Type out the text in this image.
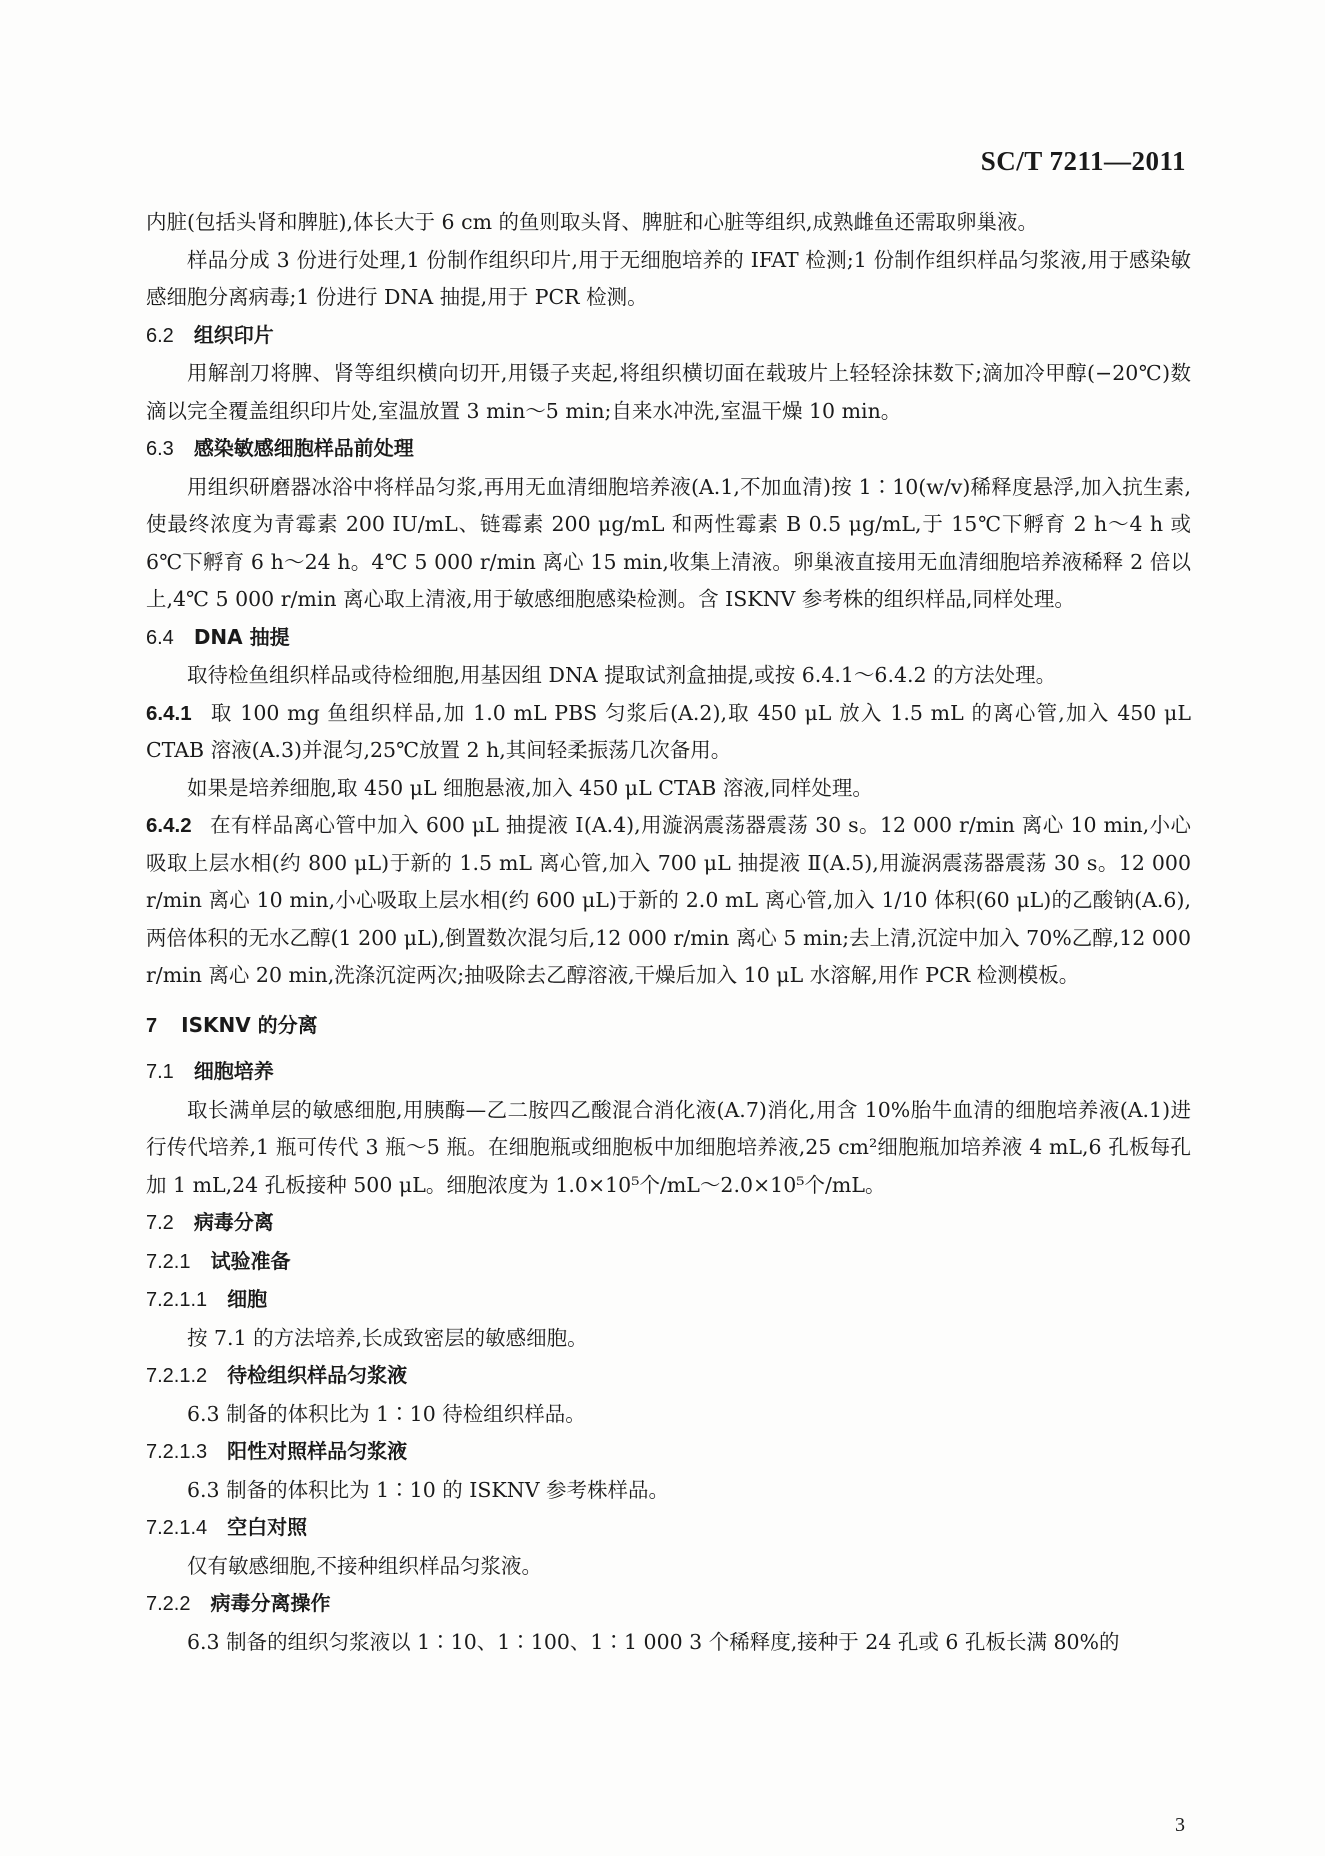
SC/T 7211—2011
内脏(包括头肾和脾脏),体长大于 6 cm 的鱼则取头肾、脾脏和心脏等组织,成熟雌鱼还需取卵巢液。
样品分成 3 份进行处理,1 份制作组织印片,用于无细胞培养的 IFAT 检测;1 份制作组织样品匀浆液,用于感染敏感细胞分离病毒;1 份进行 DNA 抽提,用于 PCR 检测。
6.2 组织印片
用解剖刀将脾、肾等组织横向切开,用镊子夹起,将组织横切面在载玻片上轻轻涂抹数下;滴加冷甲醇(−20℃)数滴以完全覆盖组织印片处,室温放置 3 min～5 min;自来水冲洗,室温干燥 10 min。
6.3 感染敏感细胞样品前处理
用组织研磨器冰浴中将样品匀浆,再用无血清细胞培养液(A.1,不加血清)按 1∶10(w/v)稀释度悬浮,加入抗生素,使最终浓度为青霉素 200 IU/mL、链霉素 200 μg/mL 和两性霉素 B 0.5 μg/mL,于 15℃下孵育 2 h～4 h 或 6℃下孵育 6 h～24 h。4℃ 5 000 r/min 离心 15 min,收集上清液。卵巢液直接用无血清细胞培养液稀释 2 倍以上,4℃ 5 000 r/min 离心取上清液,用于敏感细胞感染检测。含 ISKNV 参考株的组织样品,同样处理。
6.4 DNA 抽提
取待检鱼组织样品或待检细胞,用基因组 DNA 提取试剂盒抽提,或按 6.4.1～6.4.2 的方法处理。
6.4.1 取 100 mg 鱼组织样品,加 1.0 mL PBS 匀浆后(A.2),取 450 μL 放入 1.5 mL 的离心管,加入 450 μL CTAB 溶液(A.3)并混匀,25℃放置 2 h,其间轻柔振荡几次备用。
如果是培养细胞,取 450 μL 细胞悬液,加入 450 μL CTAB 溶液,同样处理。
6.4.2 在有样品离心管中加入 600 μL 抽提液 Ⅰ(A.4),用漩涡震荡器震荡 30 s。12 000 r/min 离心 10 min,小心吸取上层水相(约 800 μL)于新的 1.5 mL 离心管,加入 700 μL 抽提液 Ⅱ(A.5),用漩涡震荡器震荡 30 s。12 000 r/min 离心 10 min,小心吸取上层水相(约 600 μL)于新的 2.0 mL 离心管,加入 1/10 体积(60 μL)的乙酸钠(A.6),两倍体积的无水乙醇(1 200 μL),倒置数次混匀后,12 000 r/min 离心 5 min;去上清,沉淀中加入 70%乙醇,12 000 r/min 离心 20 min,洗涤沉淀两次;抽吸除去乙醇溶液,干燥后加入 10 μL 水溶解,用作 PCR 检测模板。
7 ISKNV 的分离
7.1 细胞培养
取长满单层的敏感细胞,用胰酶—乙二胺四乙酸混合消化液(A.7)消化,用含 10%胎牛血清的细胞培养液(A.1)进行传代培养,1 瓶可传代 3 瓶～5 瓶。在细胞瓶或细胞板中加细胞培养液,25 cm²细胞瓶加培养液 4 mL,6 孔板每孔加 1 mL,24 孔板接种 500 μL。细胞浓度为 1.0×10⁵个/mL～2.0×10⁵个/mL。
7.2 病毒分离
7.2.1 试验准备
7.2.1.1 细胞
按 7.1 的方法培养,长成致密层的敏感细胞。
7.2.1.2 待检组织样品匀浆液
6.3 制备的体积比为 1∶10 待检组织样品。
7.2.1.3 阳性对照样品匀浆液
6.3 制备的体积比为 1∶10 的 ISKNV 参考株样品。
7.2.1.4 空白对照
仅有敏感细胞,不接种组织样品匀浆液。
7.2.2 病毒分离操作
6.3 制备的组织匀浆液以 1∶10、1∶100、1∶1 000 3 个稀释度,接种于 24 孔或 6 孔板长满 80%的
3
